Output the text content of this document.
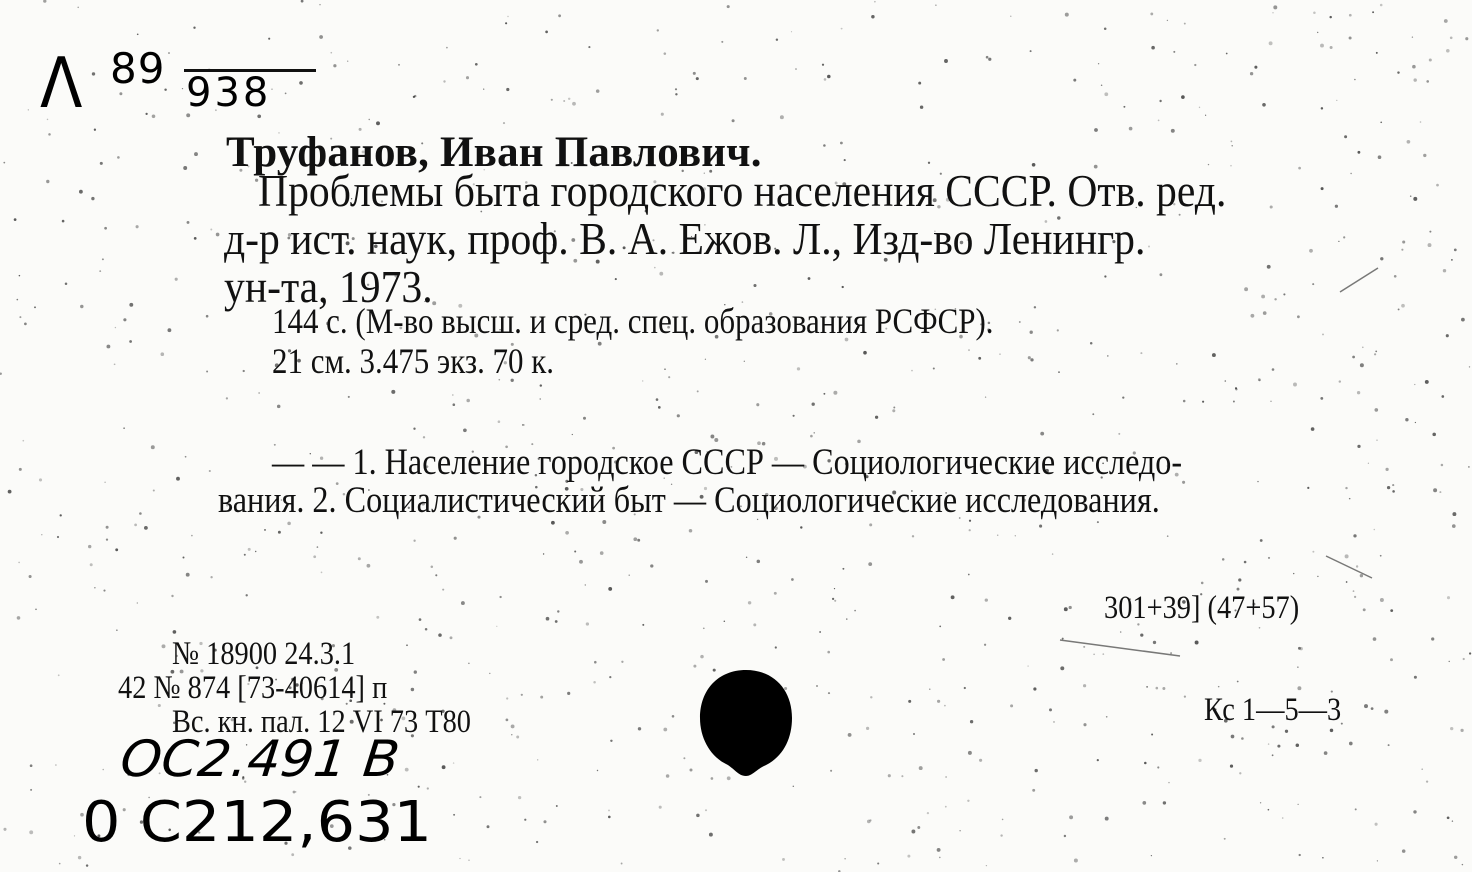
Λ 89 938
Труфанов, Иван Павлович.
Проблемы быта городского населения СССР. Отв. ред.
д-р ист. наук, проф. В. А. Ежов. Л., Изд-во Ленингр.
ун-та, 1973.
144 с. (М-во высш. и сред. спец. образования РСФСР).
21 см. 3.475 экз. 70 к.
— — 1. Население городское СССР — Социологические исследо-
вания. 2. Социалистический быт — Социологические исследования.
301+39] (47+57)
№ 18900 24.3.1
42 № 874 [73-40614] п
Вс. кн. пал. 12 VI 73 Т80	Кс 1—5—3
OC2.491 B
0 C212,631
